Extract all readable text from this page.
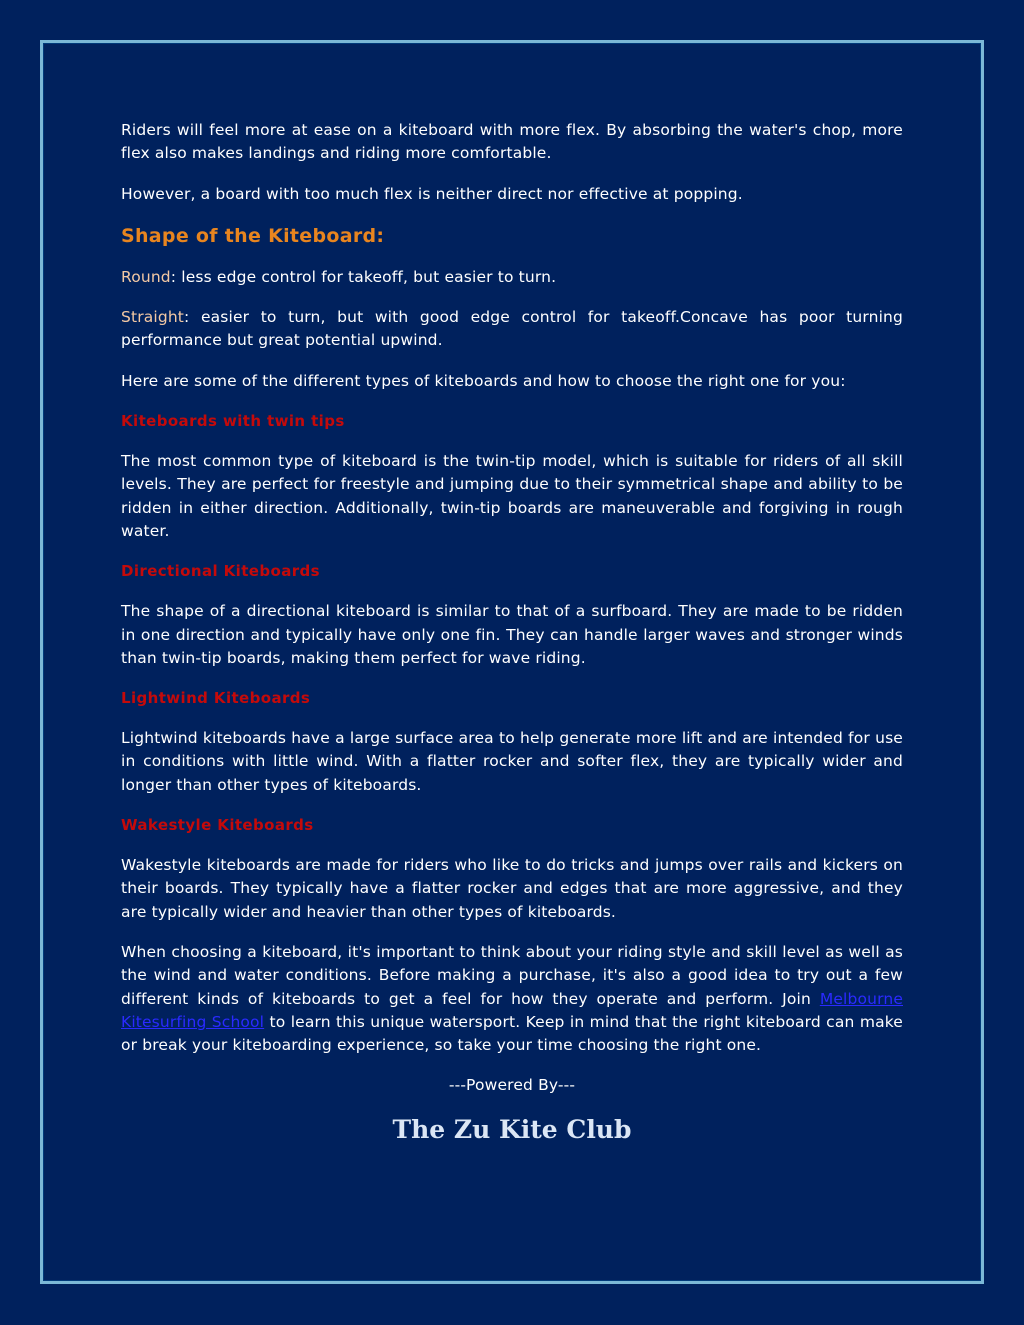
Riders will feel more at ease on a kiteboard with more flex. By absorbing the water's chop, more flex also makes landings and riding more comfortable.

However, a board with too much flex is neither direct nor effective at popping.

Shape of the Kiteboard:

Round: less edge control for takeoff, but easier to turn.

Straight: easier to turn, but with good edge control for takeoff.Concave has poor turning performance but great potential upwind.

Here are some of the different types of kiteboards and how to choose the right one for you:

Kiteboards with twin tips

The most common type of kiteboard is the twin-tip model, which is suitable for riders of all skill levels. They are perfect for freestyle and jumping due to their symmetrical shape and ability to be ridden in either direction. Additionally, twin-tip boards are maneuverable and forgiving in rough water.

Directional Kiteboards

The shape of a directional kiteboard is similar to that of a surfboard. They are made to be ridden in one direction and typically have only one fin. They can handle larger waves and stronger winds than twin-tip boards, making them perfect for wave riding.

Lightwind Kiteboards

Lightwind kiteboards have a large surface area to help generate more lift and are intended for use in conditions with little wind. With a flatter rocker and softer flex, they are typically wider and longer than other types of kiteboards.

Wakestyle Kiteboards

Wakestyle kiteboards are made for riders who like to do tricks and jumps over rails and kickers on their boards. They typically have a flatter rocker and edges that are more aggressive, and they are typically wider and heavier than other types of kiteboards.

When choosing a kiteboard, it's important to think about your riding style and skill level as well as the wind and water conditions. Before making a purchase, it's also a good idea to try out a few different kinds of kiteboards to get a feel for how they operate and perform. Join Melbourne Kitesurfing School to learn this unique watersport. Keep in mind that the right kiteboard can make or break your kiteboarding experience, so take your time choosing the right one.

---Powered By---

The Zu Kite Club
